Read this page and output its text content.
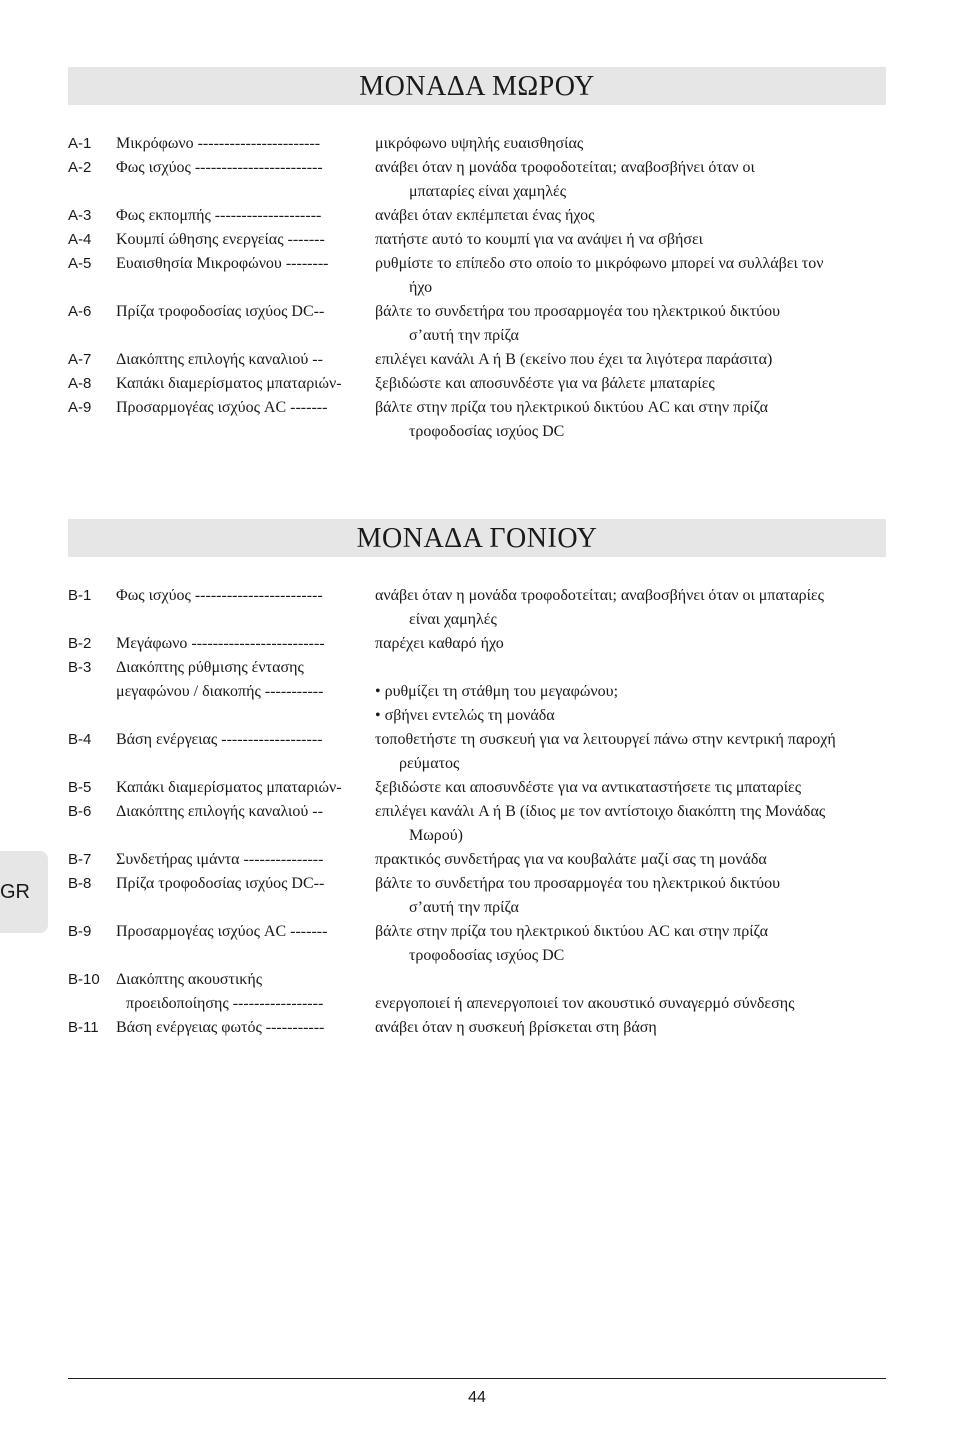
ΜΟΝΑΔΑ ΜΩΡΟΥ
A-1 Μικρόφωνο -----------------------	μικρόφωνο υψηλής ευαισθησίας
A-2 Φως ισχύος ------------------------	ανάβει όταν η μονάδα τροφοδοτείται; αναβοσβήνει όταν οι
μπαταρίες είναι χαμηλές
A-3 Φως εκπομπής --------------------	ανάβει όταν εκπέμπεται ένας ήχος
A-4 Κουμπί ώθησης ενεργείας -------	πατήστε αυτό το κουμπί για να ανάψει ή να σβήσει
A-5 Ευαισθησία Μικροφώνου --------	ρυθμίστε το επίπεδο στο οποίο το μικρόφωνο μπορεί να συλλάβει τον
ήχο
A-6 Πρίζα τροφοδοσίας ισχύος DC--	βάλτε το συνδετήρα του προσαρμογέα του ηλεκτρικού δικτύου
σ’αυτή την πρίζα
A-7 Διακόπτης επιλογής καναλιού --	επιλέγει κανάλι A ή B (εκείνο που έχει τα λιγότερα παράσιτα)
A-8 Καπάκι διαμερίσματος μπαταριών- ξεβιδώστε και αποσυνδέστε για να βάλετε μπαταρίες
A-9 Προσαρμογέας ισχύος AC -------	βάλτε στην πρίζα του ηλεκτρικού δικτύου AC και στην πρίζα
τροφοδοσίας ισχύος DC
ΜΟΝΑΔΑ ΓΟΝΙΟΥ
B-1 Φως ισχύος ------------------------	ανάβει όταν η μονάδα τροφοδοτείται; αναβοσβήνει όταν οι μπαταρίες
είναι χαμηλές
B-2 Μεγάφωνο -------------------------	παρέχει καθαρό ήχο
B-3 Διακόπτης ρύθμισης έντασης
μεγαφώνου / διακοπής -----------	• ρυθμίζει τη στάθμη του μεγαφώνου;
• σβήνει εντελώς τη μονάδα
B-4 Βάση ενέργειας -------------------	τοποθετήστε τη συσκευή για να λειτουργεί πάνω στην κεντρική παροχή
ρεύματος
B-5 Καπάκι διαμερίσματος μπαταριών- ξεβιδώστε και αποσυνδέστε για να αντικαταστήσετε τις μπαταρίες
B-6 Διακόπτης επιλογής καναλιού --	επιλέγει κανάλι A ή B (ίδιος με τον αντίστοιχο διακόπτη της Μονάδας
Μωρού)
B-7 Συνδετήρας ιμάντα ---------------	πρακτικός συνδετήρας για να κουβαλάτε μαζί σας τη μονάδα
B-8 Πρίζα τροφοδοσίας ισχύος DC--	βάλτε το συνδετήρα του προσαρμογέα του ηλεκτρικού δικτύου
σ’αυτή την πρίζα
B-9 Προσαρμογέας ισχύος AC -------	βάλτε στην πρίζα του ηλεκτρικού δικτύου AC και στην πρίζα
τροφοδοσίας ισχύος DC
B-10 Διακόπτης ακουστικής
προειδοποίησης -----------------	ενεργοποιεί ή απενεργοποιεί τον ακουστικό συναγερμό σύνδεσης
B-11 Βάση ενέργειας φωτός -----------	ανάβει όταν η συσκευή βρίσκεται στη βάση
GR
44
